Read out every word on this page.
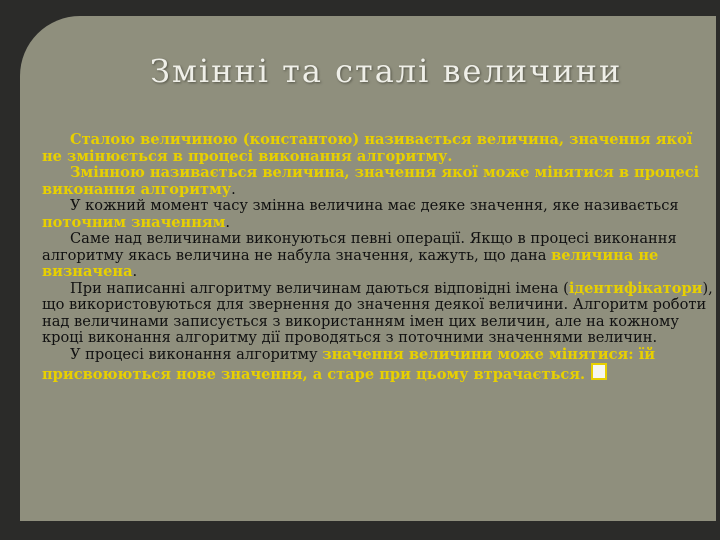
Змінні та сталі величини

Сталою величиною (константою) називається величина, значення якої не змінюється в процесі виконання алгоритму.

Змінною називається величина, значення якої може мінятися в процесі виконання алгоритму.

У кожний момент часу змінна величина має деяке значення, яке називається поточним значенням.

Саме над величинами виконуються певні операції. Якщо в процесі виконання алгоритму якась величина не набула значення, кажуть, що дана величина не визначена.

При написанні алгоритму величинам даються відповідні імена (ідентифікатори), що використовуються для звернення до значення деякої величини. Алгоритм роботи над величинами записується з використанням імен цих величин, але на кожному кроці виконання алгоритму дії проводяться з поточними значеннями величин.

У процесі виконання алгоритму значення величини може мінятися: їй присвоюються нове значення, а старе при цьому втрачається.
